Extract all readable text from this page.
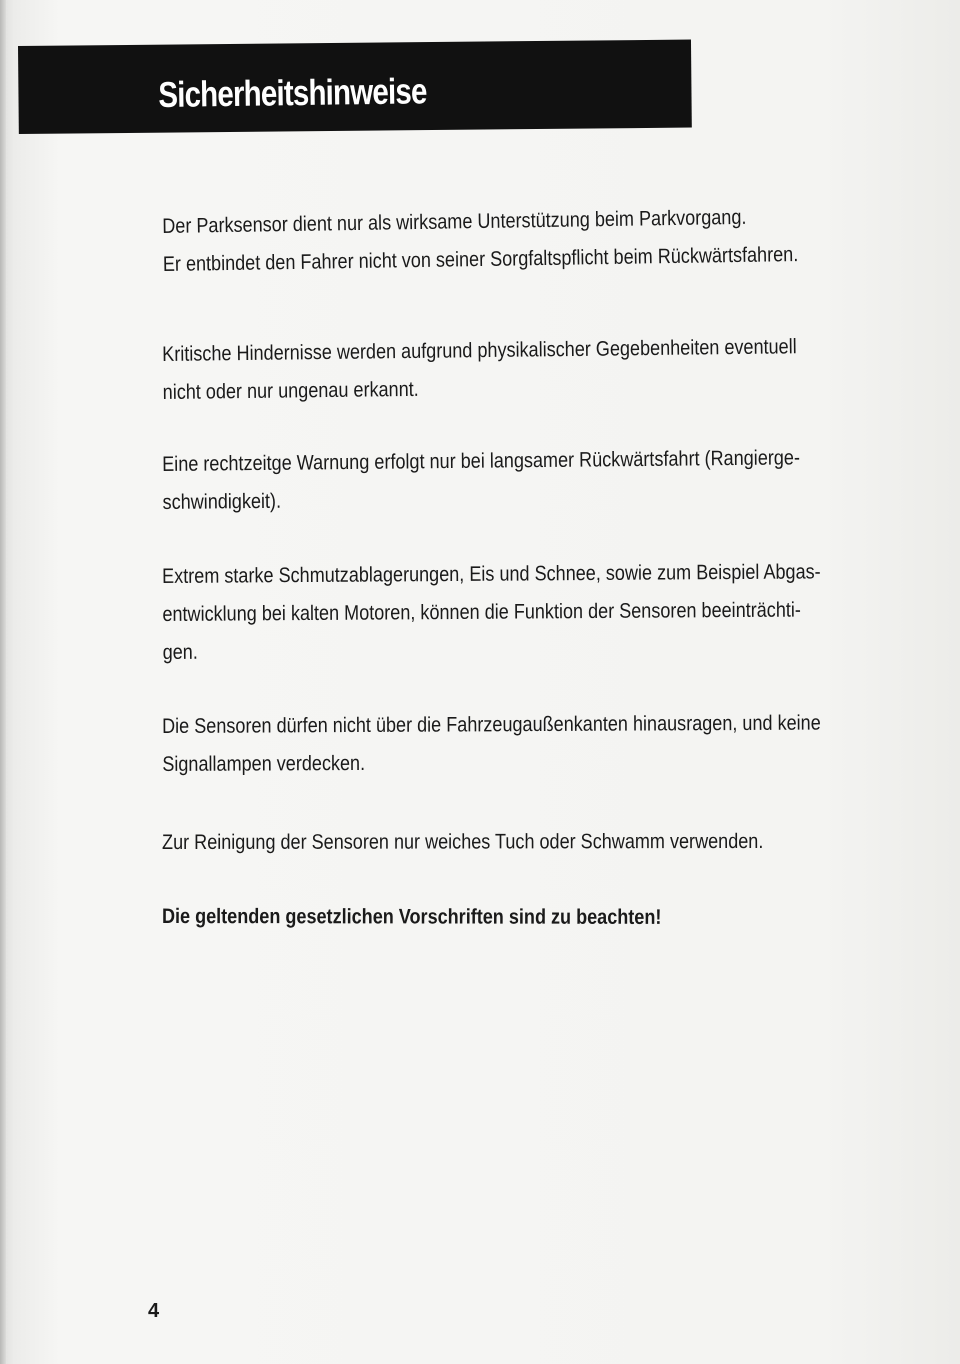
Sicherheitshinweise

Der Parksensor dient nur als wirksame Unterstützung beim Parkvorgang.
Er entbindet den Fahrer nicht von seiner Sorgfaltspflicht beim Rückwärtsfahren.

Kritische Hindernisse werden aufgrund physikalischer Gegebenheiten eventuell
nicht oder nur ungenau erkannt.

Eine rechtzeitge Warnung erfolgt nur bei langsamer Rückwärtsfahrt (Rangierge-
schwindigkeit).

Extrem starke Schmutzablagerungen, Eis und Schnee, sowie zum Beispiel Abgas-
entwicklung bei kalten Motoren, können die Funktion der Sensoren beeinträchti-
gen.

Die Sensoren dürfen nicht über die Fahrzeugaußenkanten hinausragen, und keine
Signallampen verdecken.

Zur Reinigung der Sensoren nur weiches Tuch oder Schwamm verwenden.

Die geltenden gesetzlichen Vorschriften sind zu beachten!

4
